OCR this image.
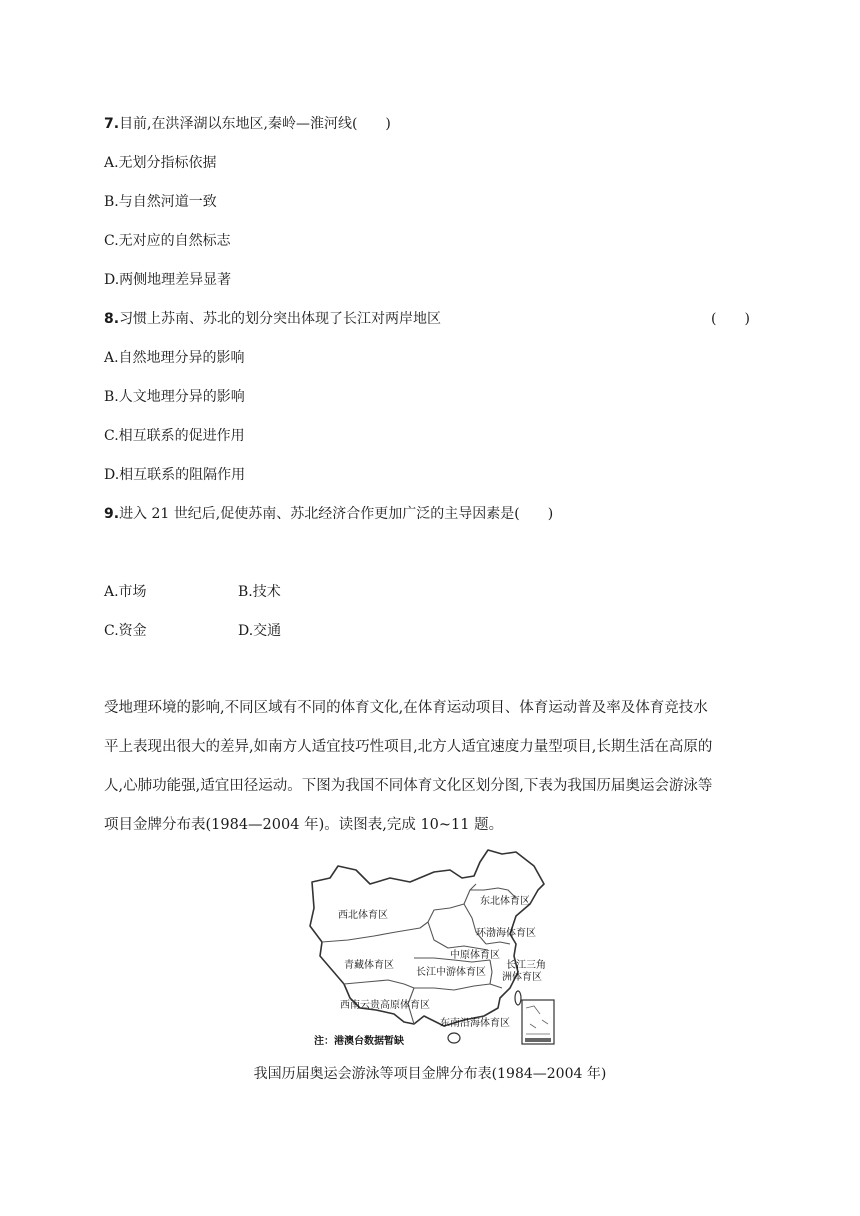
7.目前,在洪泽湖以东地区,秦岭—淮河线(　　)
A.无划分指标依据
B.与自然河道一致
C.无对应的自然标志
D.两侧地理差异显著
8.习惯上苏南、苏北的划分突出体现了长江对两岸地区	(　　)
A.自然地理分异的影响
B.人文地理分异的影响
C.相互联系的促进作用
D.相互联系的阻隔作用
9.进入 21 世纪后,促使苏南、苏北经济合作更加广泛的主导因素是(　　)
A.市场	B.技术
C.资金	D.交通
受地理环境的影响,不同区域有不同的体育文化,在体育运动项目、体育运动普及率及体育竞技水
平上表现出很大的差异,如南方人适宜技巧性项目,北方人适宜速度力量型项目,长期生活在高原的
人,心肺功能强,适宜田径运动。下图为我国不同体育文化区划分图,下表为我国历届奥运会游泳等
项目金牌分布表(1984—2004 年)。读图表,完成 10~11 题。
西北体育区
东北体育区
环渤海体育区
青藏体育区
中原体育区
长江中游体育区
长江三角
洲体育区
西南云贵高原体育区
东南沿海体育区
注：港澳台数据暂缺
我国历届奥运会游泳等项目金牌分布表(1984—2004 年)
